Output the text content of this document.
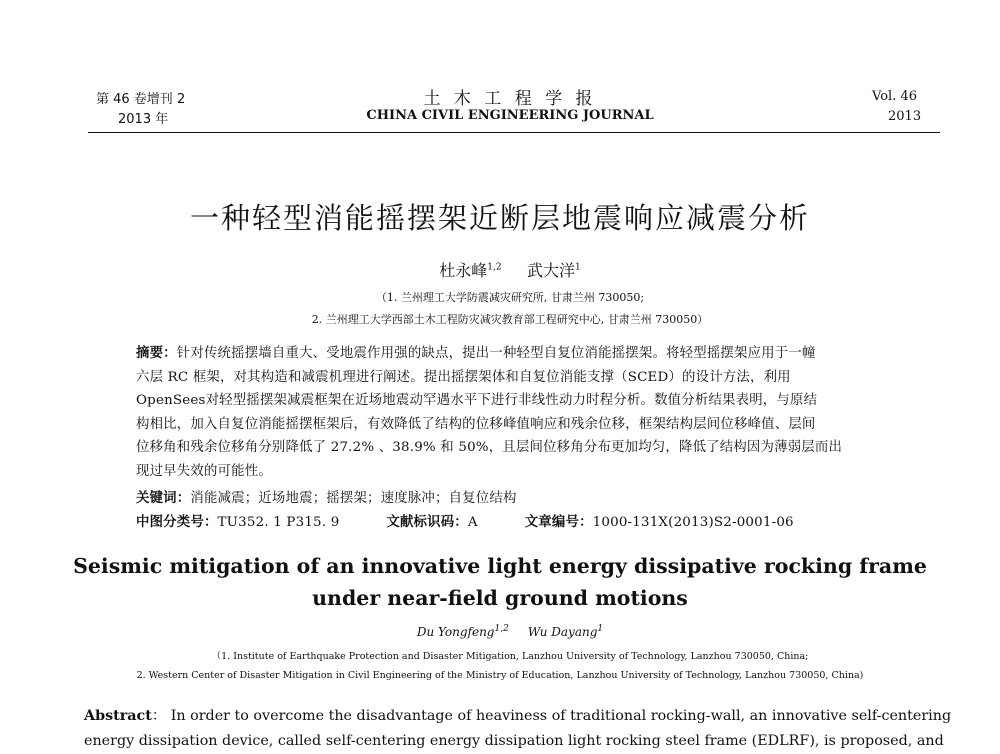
第 46 卷增刊 2
2013 年
土 木 工 程 学 报
CHINA CIVIL ENGINEERING JOURNAL
Vol. 46
2013
一种轻型消能摇摆架近断层地震响应减震分析
杜永峰$^{1,2}$ 武大洋$^1$
（1. 兰州理工大学防震减灾研究所, 甘肃兰州 730050;
2. 兰州理工大学西部土木工程防灾减灾教育部工程研究中心, 甘肃兰州 730050）
摘要：针对传统摇摆墙自重大、受地震作用强的缺点，提出一种轻型自复位消能摇摆架。将轻型摇摆架应用于一幢
六层 RC 框架，对其构造和减震机理进行阐述。提出摇摆架体和自复位消能支撑（SCED）的设计方法，利用
OpenSees对轻型摇摆架减震框架在近场地震动罕遇水平下进行非线性动力时程分析。数值分析结果表明，与原结
构相比，加入自复位消能摇摆框架后，有效降低了结构的位移峰值响应和残余位移，框架结构层间位移峰值、层间
位移角和残余位移角分别降低了 27.2% 、38.9% 和 50%，且层间位移角分布更加均匀，降低了结构因为薄弱层而出
现过早失效的可能性。
关键词：消能减震；近场地震；摇摆架；速度脉冲；自复位结构
中图分类号：TU352. 1 P315. 9	文献标识码：A	文章编号：1000-131X(2013)S2-0001-06
Seismic mitigation of an innovative light energy dissipative rocking frame
under near-field ground motions
Du Yongfeng$^{1,2}$ Wu Dayang$^1$
（1. Institute of Earthquake Protection and Disaster Mitigation, Lanzhou University of Technology, Lanzhou 730050, China;
2. Western Center of Disaster Mitigation in Civil Engineering of the Ministry of Education, Lanzhou University of Technology, Lanzhou 730050, China)
Abstract： In order to overcome the disadvantage of heaviness of traditional rocking-wall, an innovative self-centering
energy dissipation device, called self-centering energy dissipation light rocking steel frame (EDLRF), is proposed, and
